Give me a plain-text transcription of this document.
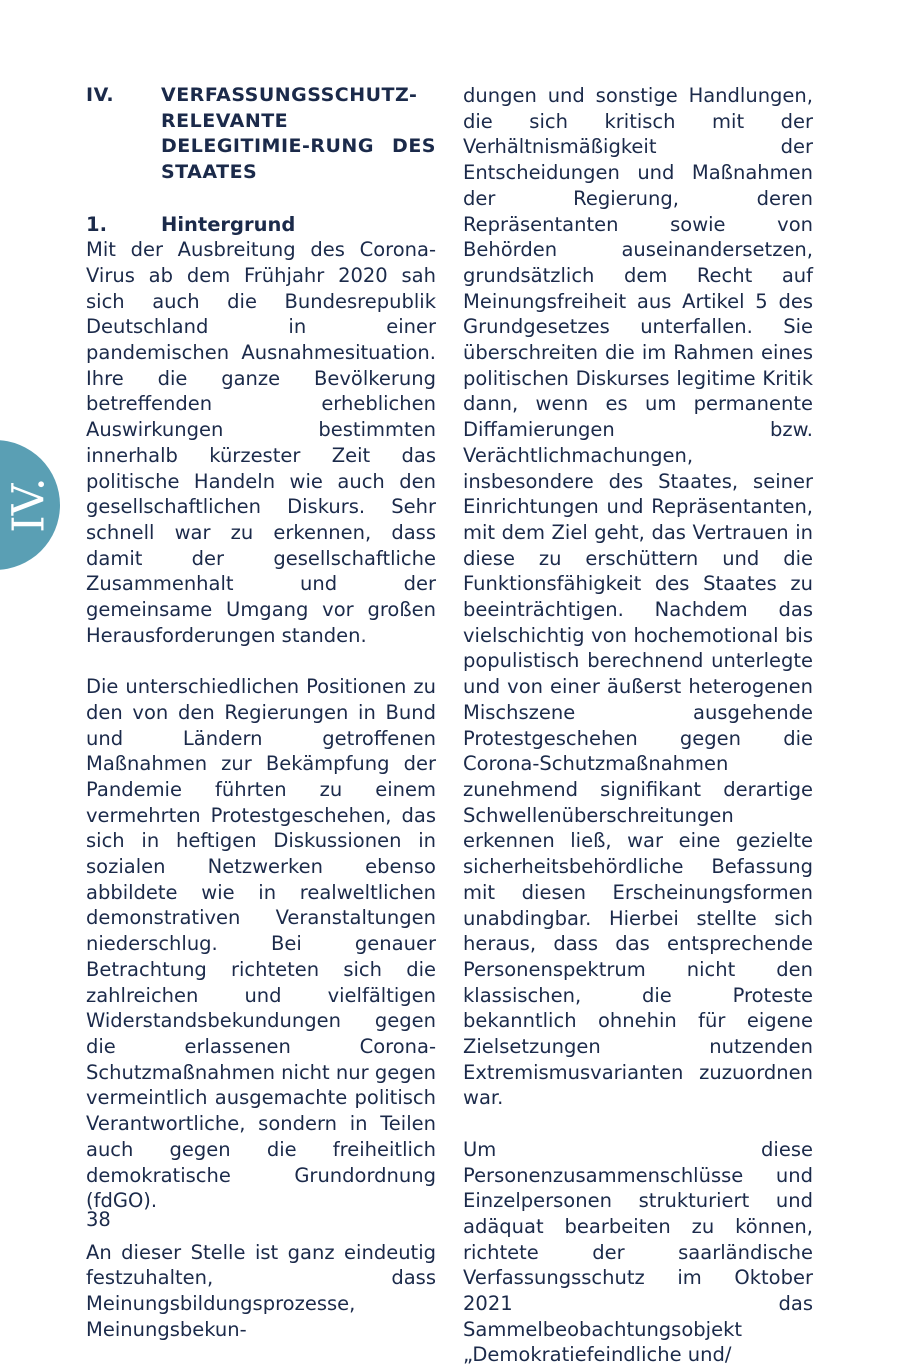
IV.
IV.	VERFASSUNGSSCHUTZ-RELEVANTE DELEGITIMIE-RUNG DES STAATES
1.	Hintergrund

Mit der Ausbreitung des Corona-Virus ab dem Frühjahr 2020 sah sich auch die Bundesrepublik Deutschland in einer pandemischen Ausnahmesituation. Ihre die ganze Bevölkerung betreffenden erheblichen Auswirkungen bestimmten innerhalb kürzester Zeit das politische Handeln wie auch den gesellschaftlichen Diskurs. Sehr schnell war zu erkennen, dass damit der gesellschaftliche Zusammenhalt und der gemeinsame Umgang vor großen Herausforderungen standen.

Die unterschiedlichen Positionen zu den von den Regierungen in Bund und Ländern getroffenen Maßnahmen zur Bekämpfung der Pandemie führten zu einem vermehrten Protestgeschehen, das sich in heftigen Diskussionen in sozialen Netzwerken ebenso abbildete wie in realweltlichen demonstrativen Veranstaltungen niederschlug. Bei genauer Betrachtung richteten sich die zahlreichen und vielfältigen Widerstandsbekundungen gegen die erlassenen Corona-Schutzmaßnahmen nicht nur gegen vermeintlich ausgemachte politisch Verantwortliche, sondern in Teilen auch gegen die freiheitlich demokratische Grundordnung (fdGO).

An dieser Stelle ist ganz eindeutig festzuhalten, dass Meinungsbildungsprozesse, Meinungsbekun-

dungen und sonstige Handlungen, die sich kritisch mit der Verhältnismäßigkeit der Entscheidungen und Maßnahmen der Regierung, deren Repräsentanten sowie von Behörden auseinandersetzen, grundsätzlich dem Recht auf Meinungsfreiheit aus Artikel 5 des Grundgesetzes unterfallen. Sie überschreiten die im Rahmen eines politischen Diskurses legitime Kritik dann, wenn es um permanente Diffamierungen bzw. Verächtlichmachungen, insbesondere des Staates, seiner Einrichtungen und Repräsentanten, mit dem Ziel geht, das Vertrauen in diese zu erschüttern und die Funktionsfähigkeit des Staates zu beeinträchtigen. Nachdem das vielschichtig von hochemotional bis populistisch berechnend unterlegte und von einer äußerst heterogenen Mischszene ausgehende Protestgeschehen gegen die Corona-Schutzmaßnahmen zunehmend signifikant derartige Schwellenüberschreitungen erkennen ließ, war eine gezielte sicherheitsbehördliche Befassung mit diesen Erscheinungsformen unabdingbar. Hierbei stellte sich heraus, dass das entsprechende Personenspektrum nicht den klassischen, die Proteste bekanntlich ohnehin für eigene Zielsetzungen nutzenden Extremismusvarianten zuzuordnen war.

Um diese Personenzusammenschlüsse und Einzelpersonen strukturiert und adäquat bearbeiten zu können, richtete der saarländische Verfassungsschutz im Oktober 2021 das Sammelbeobachtungsobjekt „Demokratiefeindliche und/

38
